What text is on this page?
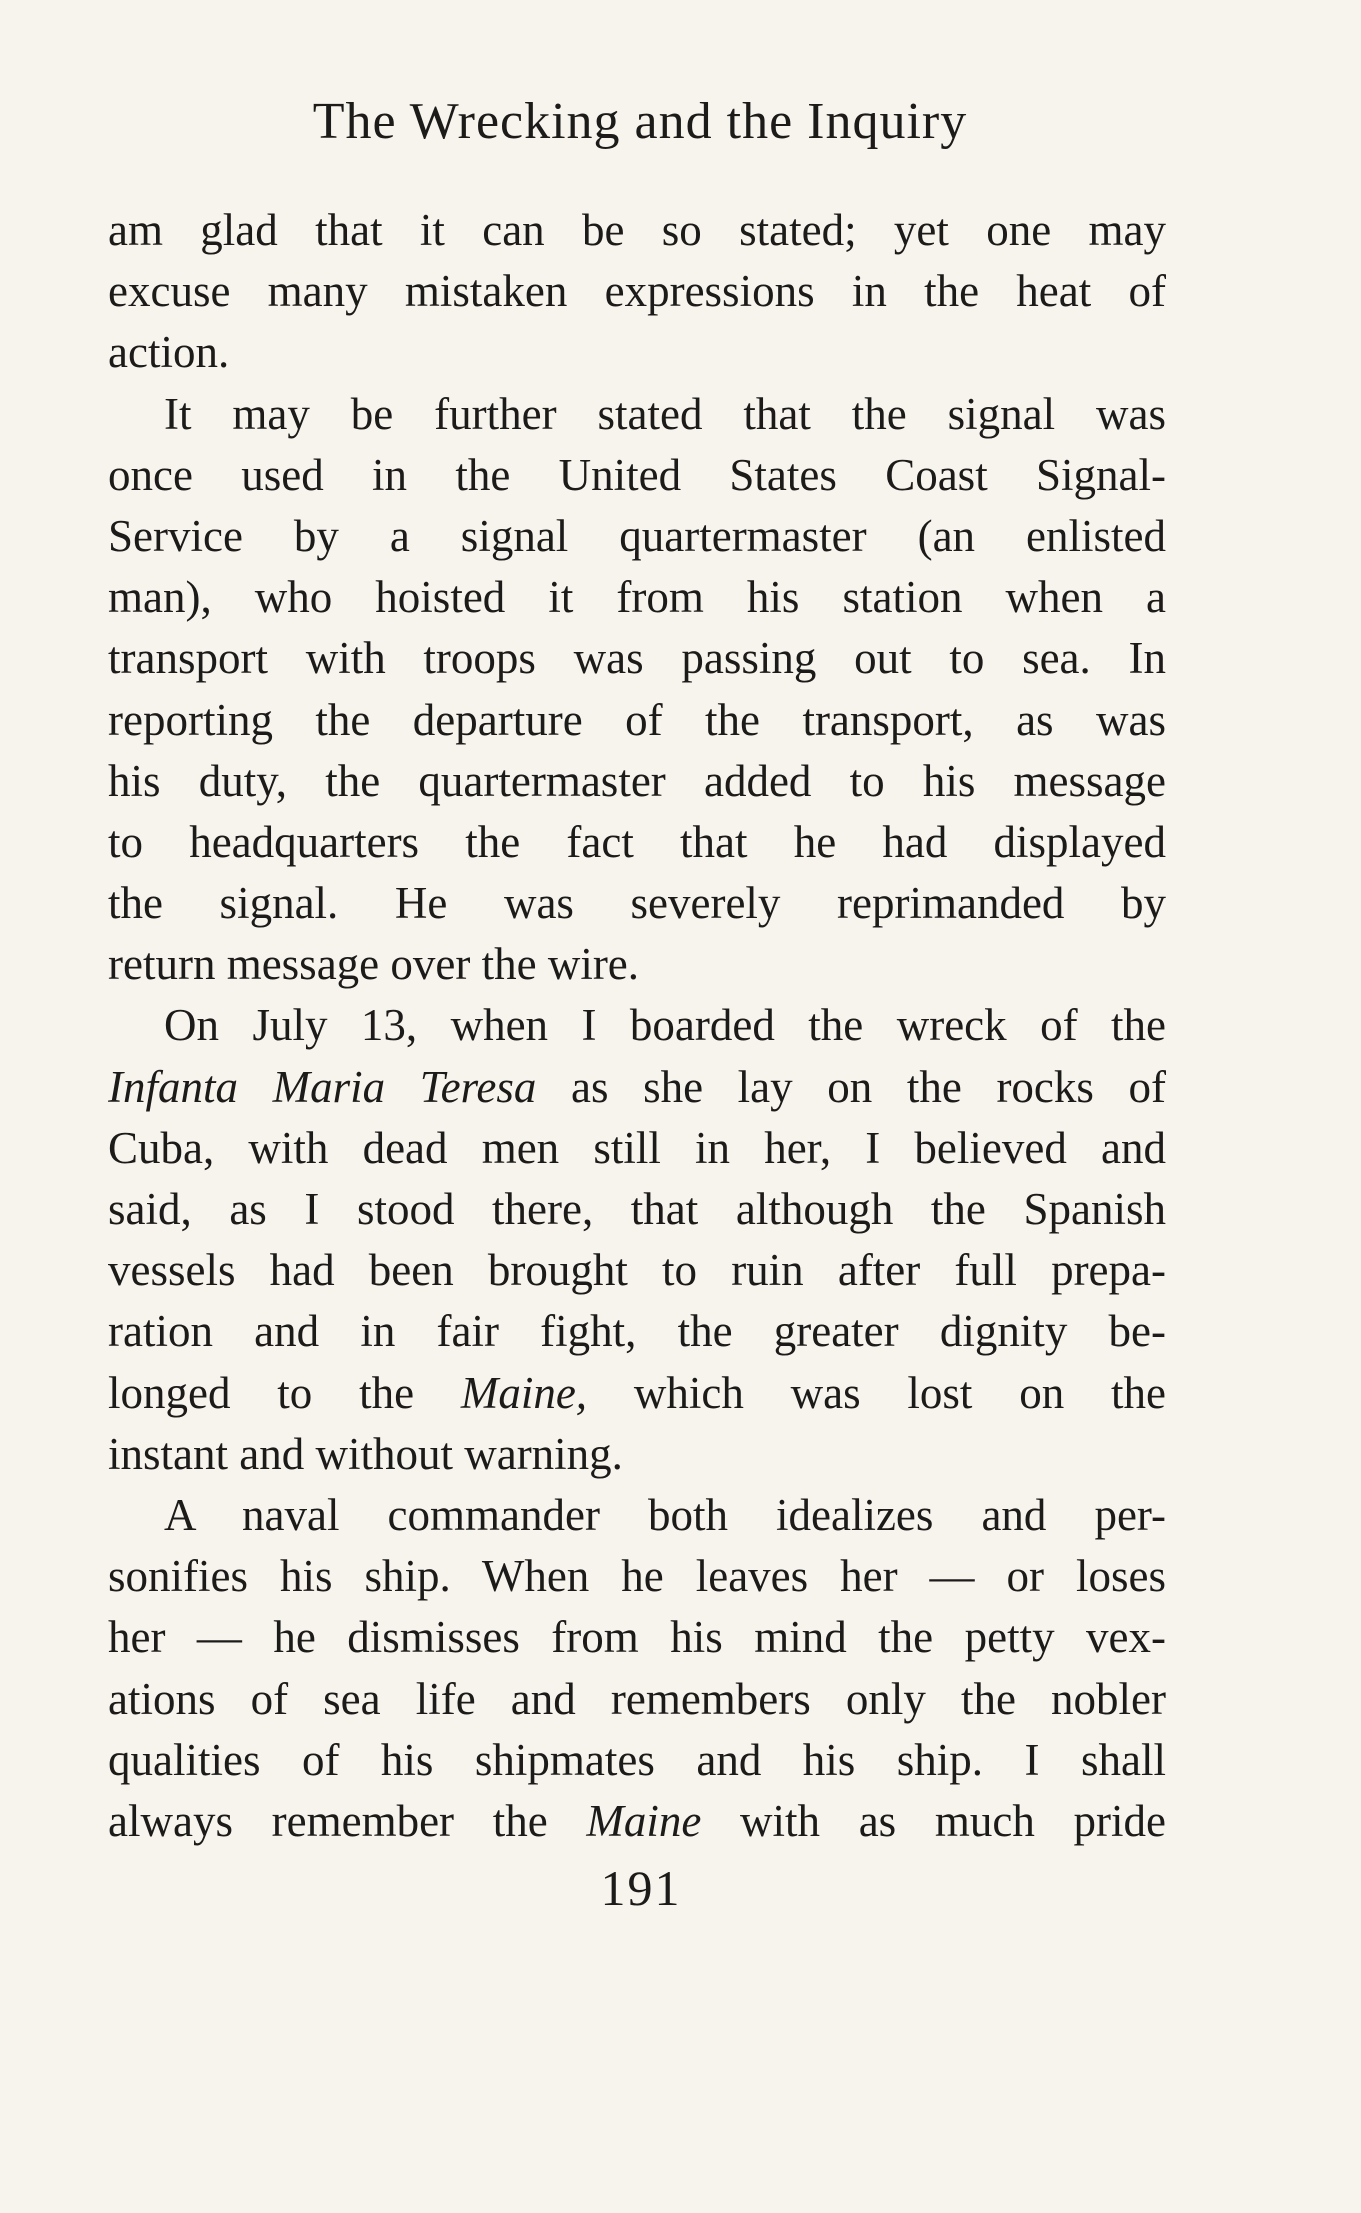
The Wrecking and the Inquiry
am glad that it can be so stated; yet one may
excuse many mistaken expressions in the heat of
action.
It may be further stated that the signal was
once used in the United States Coast Signal-
Service by a signal quartermaster (an enlisted
man), who hoisted it from his station when a
transport with troops was passing out to sea. In
reporting the departure of the transport, as was
his duty, the quartermaster added to his message
to headquarters the fact that he had displayed
the signal. He was severely reprimanded by
return message over the wire.
On July 13, when I boarded the wreck of the
Infanta Maria Teresa as she lay on the rocks of
Cuba, with dead men still in her, I believed and
said, as I stood there, that although the Spanish
vessels had been brought to ruin after full prepa-
ration and in fair fight, the greater dignity be-
longed to the Maine, which was lost on the
instant and without warning.
A naval commander both idealizes and per-
sonifies his ship. When he leaves her — or loses
her — he dismisses from his mind the petty vex-
ations of sea life and remembers only the nobler
qualities of his shipmates and his ship. I shall
always remember the Maine with as much pride
191
